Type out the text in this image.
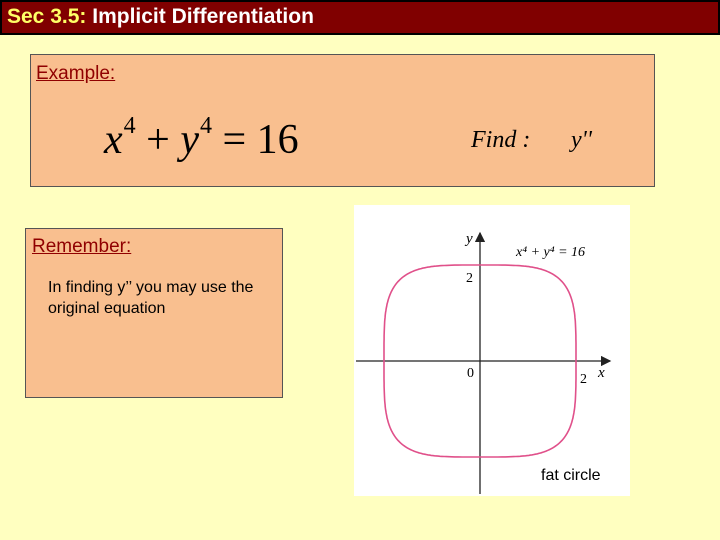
Sec 3.5: Implicit Differentiation
Example:
$x^4 + y^4 = 16$	Find : y''
Remember:
In finding y’’ you may use the original equation
y
x
0	2
2
x⁴ + y⁴ = 16
fat circle
